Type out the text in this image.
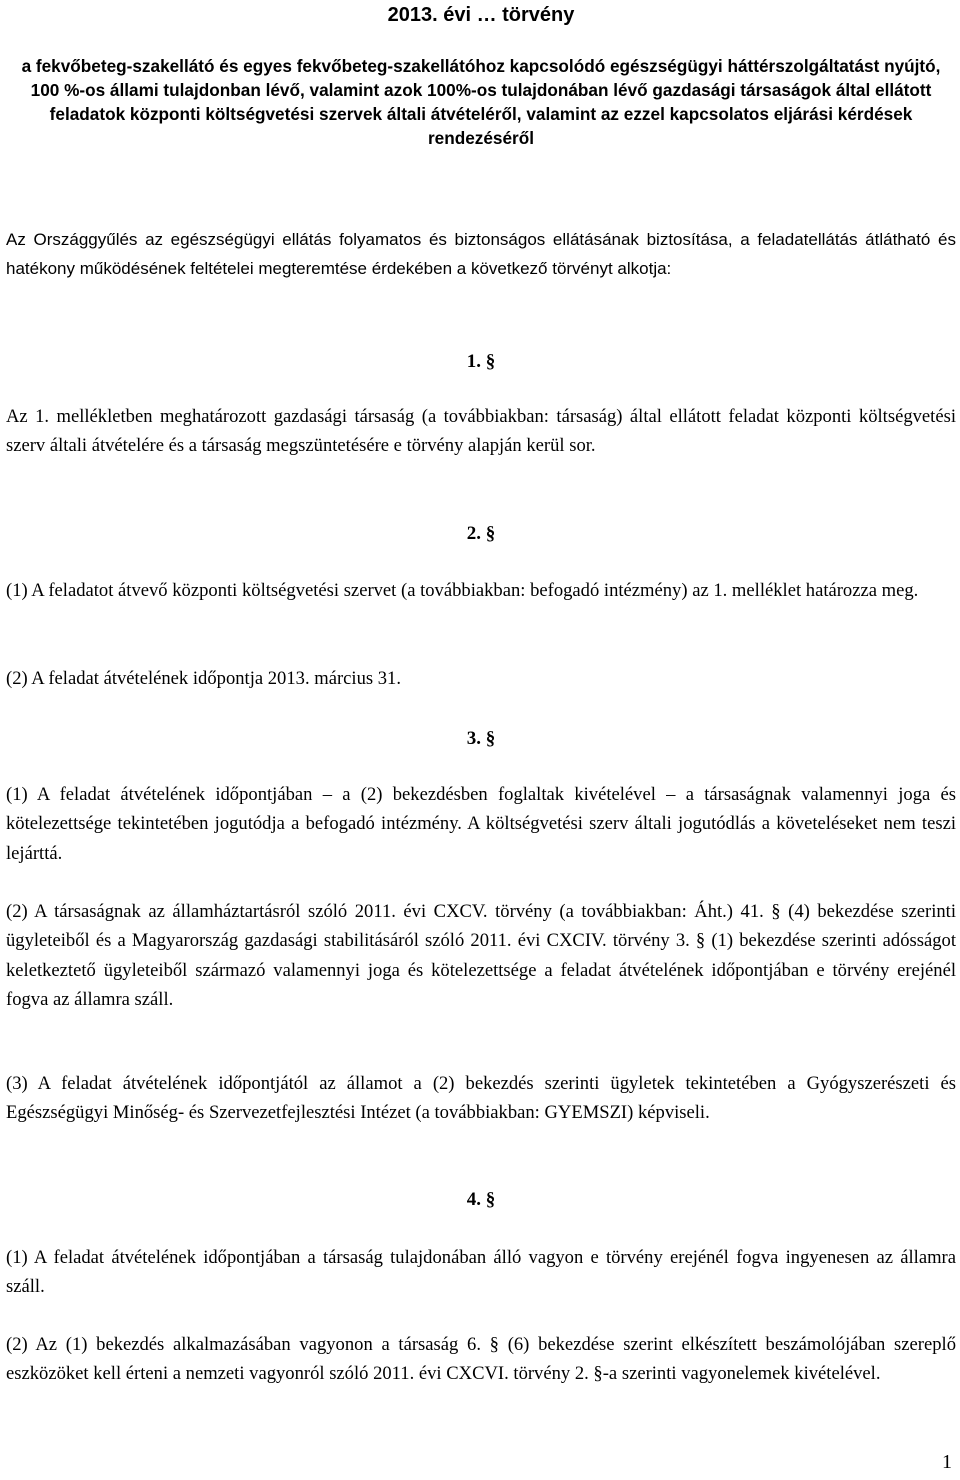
2013. évi … törvény

a fekvőbeteg-szakellátó és egyes fekvőbeteg-szakellátóhoz kapcsolódó egészségügyi háttérszolgáltatást nyújtó, 100 %-os állami tulajdonban lévő, valamint azok 100%-os tulajdonában lévő gazdasági társaságok által ellátott feladatok központi költségvetési szervek általi átvételéről, valamint az ezzel kapcsolatos eljárási kérdések rendezéséről

Az Országgyűlés az egészségügyi ellátás folyamatos és biztonságos ellátásának biztosítása, a feladatellátás átlátható és hatékony működésének feltételei megteremtése érdekében a következő törvényt alkotja:

1. §

Az 1. mellékletben meghatározott gazdasági társaság (a továbbiakban: társaság) által ellátott feladat központi költségvetési szerv általi átvételére és a társaság megszüntetésére e törvény alapján kerül sor.

2. §

(1) A feladatot átvevő központi költségvetési szervet (a továbbiakban: befogadó intézmény) az 1. melléklet határozza meg.

(2) A feladat átvételének időpontja 2013. március 31.

3. §

(1) A feladat átvételének időpontjában – a (2) bekezdésben foglaltak kivételével – a társaságnak valamennyi joga és kötelezettsége tekintetében jogutódja a befogadó intézmény. A költségvetési szerv általi jogutódlás a követeléseket nem teszi lejárttá.

(2) A társaságnak az államháztartásról szóló 2011. évi CXCV. törvény (a továbbiakban: Áht.) 41. § (4) bekezdése szerinti ügyleteiből és a Magyarország gazdasági stabilitásáról szóló 2011. évi CXCIV. törvény 3. § (1) bekezdése szerinti adósságot keletkeztető ügyleteiből származó valamennyi joga és kötelezettsége a feladat átvételének időpontjában e törvény erejénél fogva az államra száll.

(3) A feladat átvételének időpontjától az államot a (2) bekezdés szerinti ügyletek tekintetében a Gyógyszerészeti és Egészségügyi Minőség- és Szervezetfejlesztési Intézet (a továbbiakban: GYEMSZI) képviseli.

4. §

(1) A feladat átvételének időpontjában a társaság tulajdonában álló vagyon e törvény erejénél fogva ingyenesen az államra száll.

(2) Az (1) bekezdés alkalmazásában vagyonon a társaság 6. § (6) bekezdése szerint elkészített beszámolójában szereplő eszközöket kell érteni a nemzeti vagyonról szóló 2011. évi CXCVI. törvény 2. §-a szerinti vagyonelemek kivételével.

1
